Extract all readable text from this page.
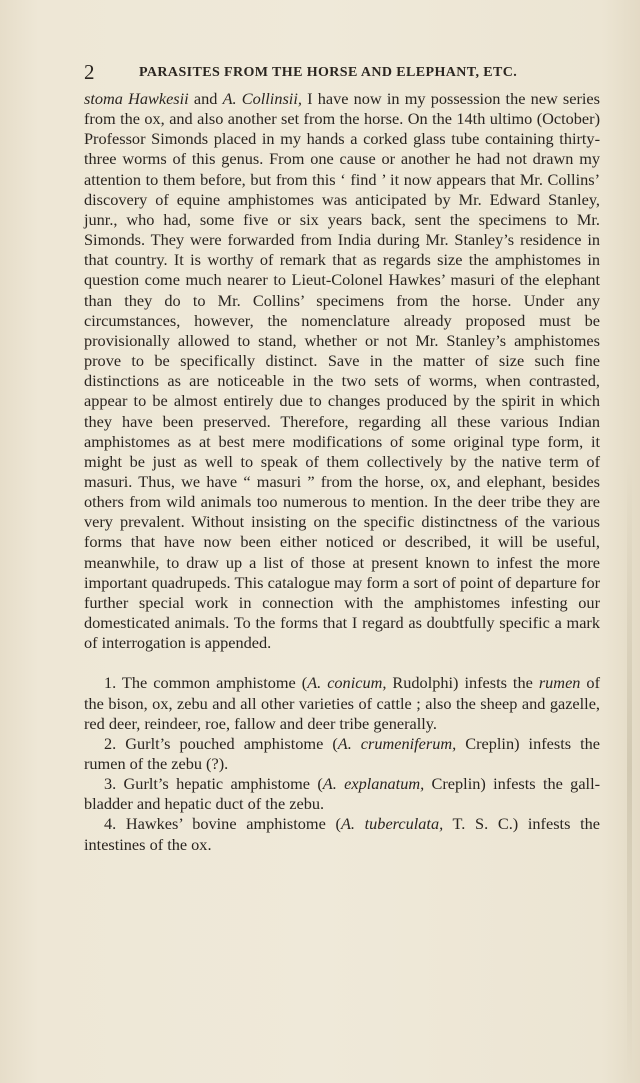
2	PARASITES FROM THE HORSE AND ELEPHANT, ETC.

stoma Hawkesii and A. Collinsii, I have now in my possession the new series from the ox, and also another set from the horse. On the 14th ultimo (October) Professor Simonds placed in my hands a corked glass tube containing thirty-three worms of this genus. From one cause or another he had not drawn my attention to them before, but from this ‘ find ’ it now appears that Mr. Collins’ discovery of equine amphistomes was anticipated by Mr. Edward Stanley, junr., who had, some five or six years back, sent the specimens to Mr. Simonds. They were forwarded from India during Mr. Stanley’s residence in that country. It is worthy of remark that as regards size the amphistomes in question come much nearer to Lieut-Colonel Hawkes’ masuri of the elephant than they do to Mr. Collins’ specimens from the horse. Under any circumstances, however, the nomenclature already proposed must be provisionally allowed to stand, whether or not Mr. Stanley’s amphistomes prove to be specifically distinct. Save in the matter of size such fine distinctions as are noticeable in the two sets of worms, when contrasted, appear to be almost entirely due to changes produced by the spirit in which they have been preserved. Therefore, regarding all these various Indian amphistomes as at best mere modifications of some original type form, it might be just as well to speak of them collectively by the native term of masuri. Thus, we have “ masuri ” from the horse, ox, and elephant, besides others from wild animals too numerous to mention. In the deer tribe they are very prevalent. Without insisting on the specific distinctness of the various forms that have now been either noticed or described, it will be useful, meanwhile, to draw up a list of those at present known to infest the more important quadrupeds. This catalogue may form a sort of point of departure for further special work in connection with the amphistomes infesting our domesticated animals. To the forms that I regard as doubtfully specific a mark of interrogation is appended.

1. The common amphistome (A. conicum, Rudolphi) infests the rumen of the bison, ox, zebu and all other varieties of cattle ; also the sheep and gazelle, red deer, reindeer, roe, fallow and deer tribe generally.

2. Gurlt’s pouched amphistome (A. crumeniferum, Creplin) infests the rumen of the zebu (?).

3. Gurlt’s hepatic amphistome (A. explanatum, Creplin) infests the gall-bladder and hepatic duct of the zebu.

4. Hawkes’ bovine amphistome (A. tuberculata, T. S. C.) infests the intestines of the ox.
